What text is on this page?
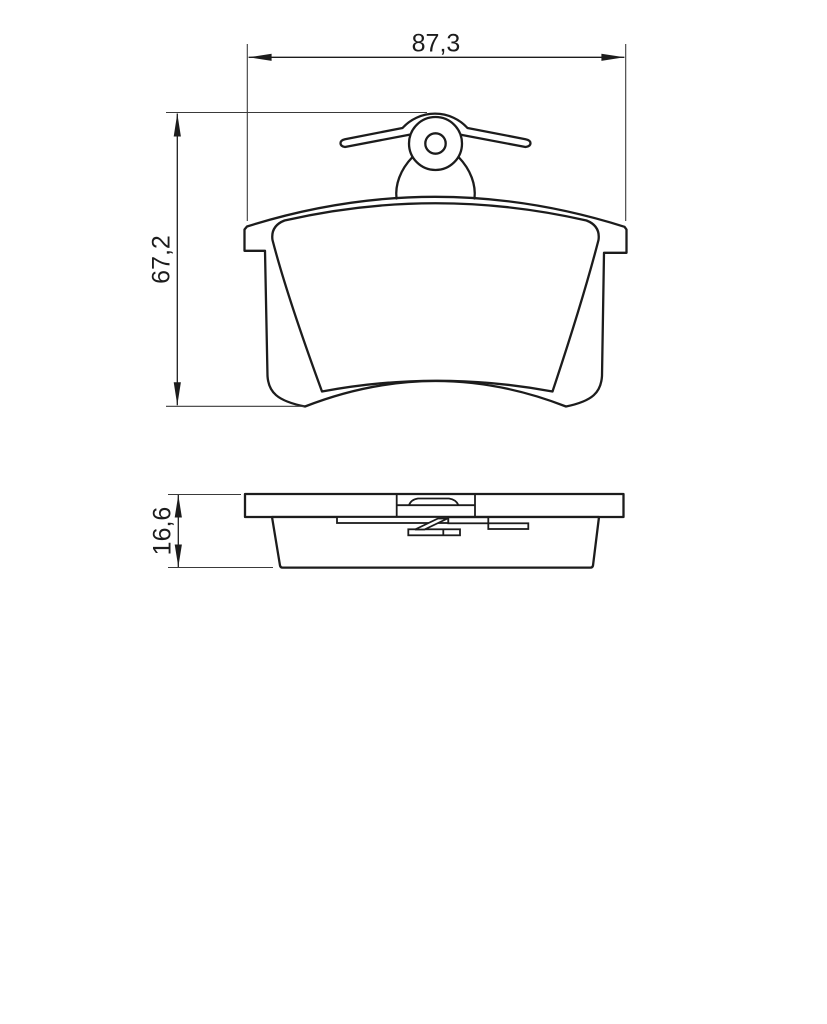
87,3
67,2
16,6
